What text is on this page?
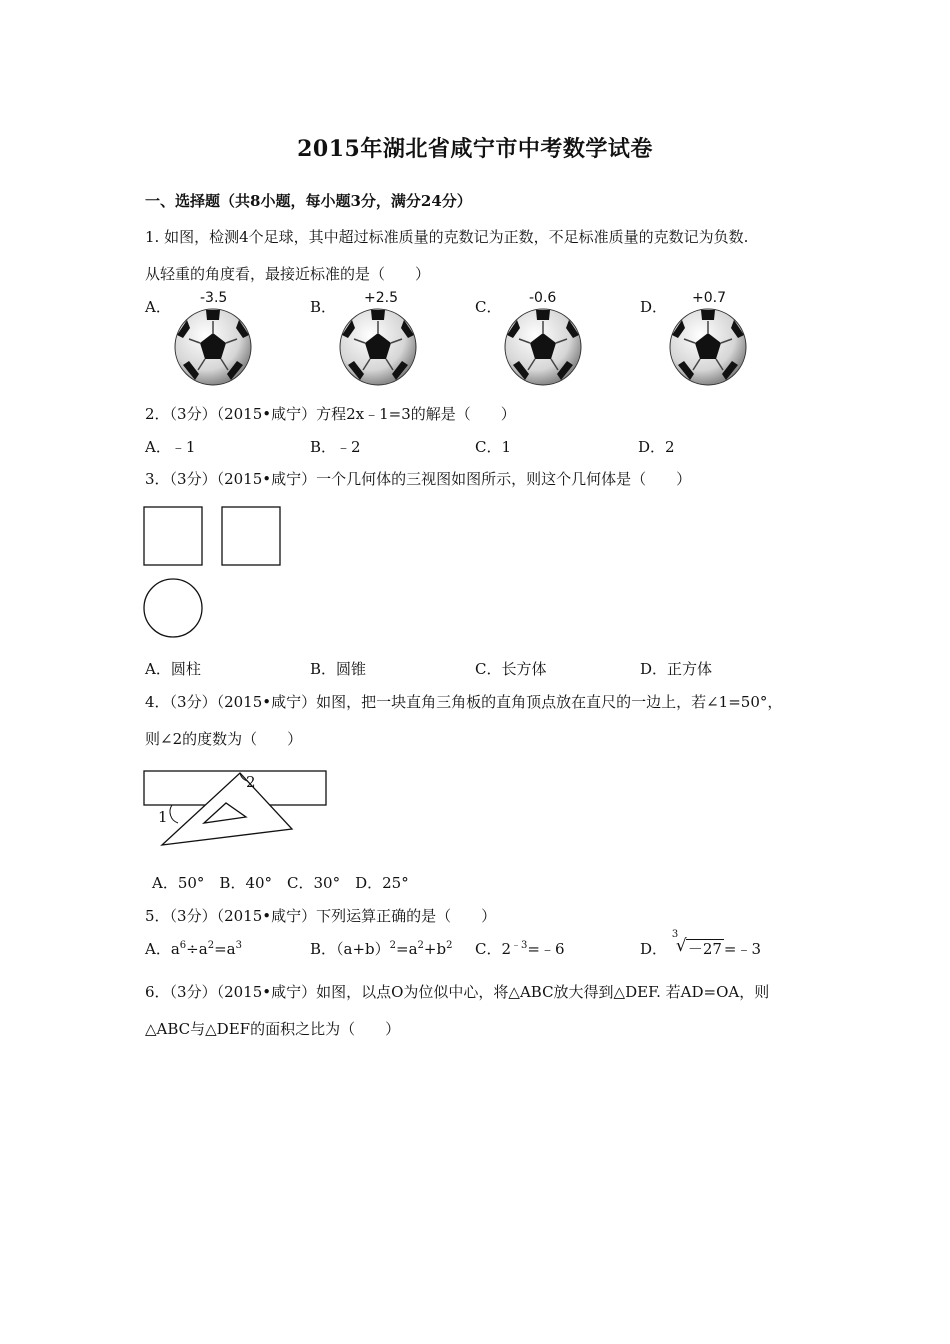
2015年湖北省咸宁市中考数学试卷
一、选择题（共8小题，每小题3分，满分24分）
1. 如图，检测4个足球，其中超过标准质量的克数记为正数，不足标准质量的克数记为负数.
从轻重的角度看，最接近标准的是（　　）
A．	B．	C．	D．
-3.5	+2.5	-0.6	+0.7
2．（3分）（2015•咸宁）方程2x﹣1=3的解是（　　）
A．﹣1	B．﹣2	C．1	D．2
3．（3分）（2015•咸宁）一个几何体的三视图如图所示，则这个几何体是（　　）
A．圆柱	B．圆锥	C．长方体	D．正方体
4．（3分）（2015•咸宁）如图，把一块直角三角板的直角顶点放在直尺的一边上，若∠1=50°，
则∠2的度数为（　　）
1
2
A．50°　B．40°　C．30°　D．25°
5．（3分）（2015•咸宁）下列运算正确的是（　　）
A．$a^6\div a^2=a^3$	B．$(a+b)^2=a^2+b^2$ C．$2^{﹣3}=﹣6$	D．
3
√ －27 =﹣3
6．（3分）（2015•咸宁）如图，以点O为位似中心，将△ABC放大得到△DEF. 若AD=OA，则
△ABC与△DEF的面积之比为（　　）
